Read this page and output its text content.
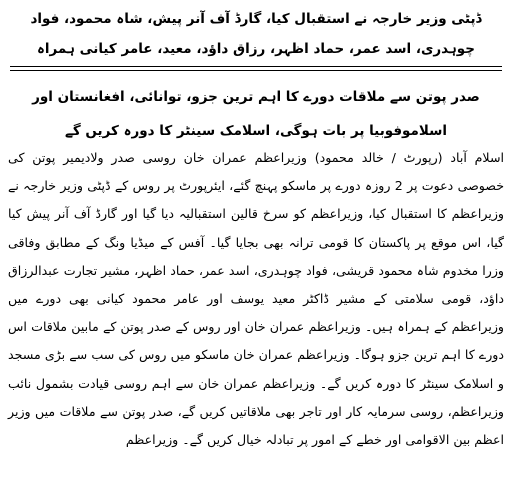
ڈپٹی وزیر خارجہ نے استقبال کیا، گارڈ آف آنر پیش، شاہ محمود، فواد چوہدری، اسد عمر، حماد اظہر، رزاق داؤد، معید، عامر کیانی ہمراہ
صدر پوتن سے ملاقات دورے کا اہم ترین جزو، توانائی، افغانستان اور اسلاموفوبیا پر بات ہوگی، اسلامک سینٹر کا دورہ کریں گے

اسلام آباد (رپورٹ / خالد محمود) وزیراعظم عمران خان روسی صدر ولادیمیر پوتن کی خصوصی دعوت پر 2 روزہ دورے پر ماسکو پہنچ گئے، ایئرپورٹ پر روس کے ڈپٹی وزیر خارجہ نے وزیراعظم کا استقبال کیا، وزیراعظم کو سرخ قالین استقبالیہ دیا گیا اور گارڈ آف آنر پیش کیا گیا، اس موقع پر پاکستان کا قومی ترانہ بھی بجایا گیا۔ آفس کے میڈیا ونگ کے مطابق وفاقی وزرا مخدوم شاہ محمود قریشی، فواد چوہدری، اسد عمر، حماد اظہر، مشیر تجارت عبدالرزاق داؤد، قومی سلامتی کے مشیر ڈاکٹر معید یوسف اور عامر محمود کیانی بھی دورے میں وزیراعظم کے ہمراہ ہیں۔ وزیراعظم عمران خان اور روس کے صدر پوتن کے مابین ملاقات اس دورے کا اہم ترین جزو ہوگا۔ وزیراعظم عمران خان ماسکو میں روس کی سب سے بڑی مسجد و اسلامک سینٹر کا دورہ کریں گے۔ وزیراعظم عمران خان سے اہم روسی قیادت بشمول نائب وزیراعظم، روسی سرمایہ کار اور تاجر بھی ملاقاتیں کریں گے، صدر پوتن سے ملاقات میں وزیر اعظم بین الاقوامی اور خطے کے امور پر تبادلہ خیال کریں گے۔ وزیراعظم
